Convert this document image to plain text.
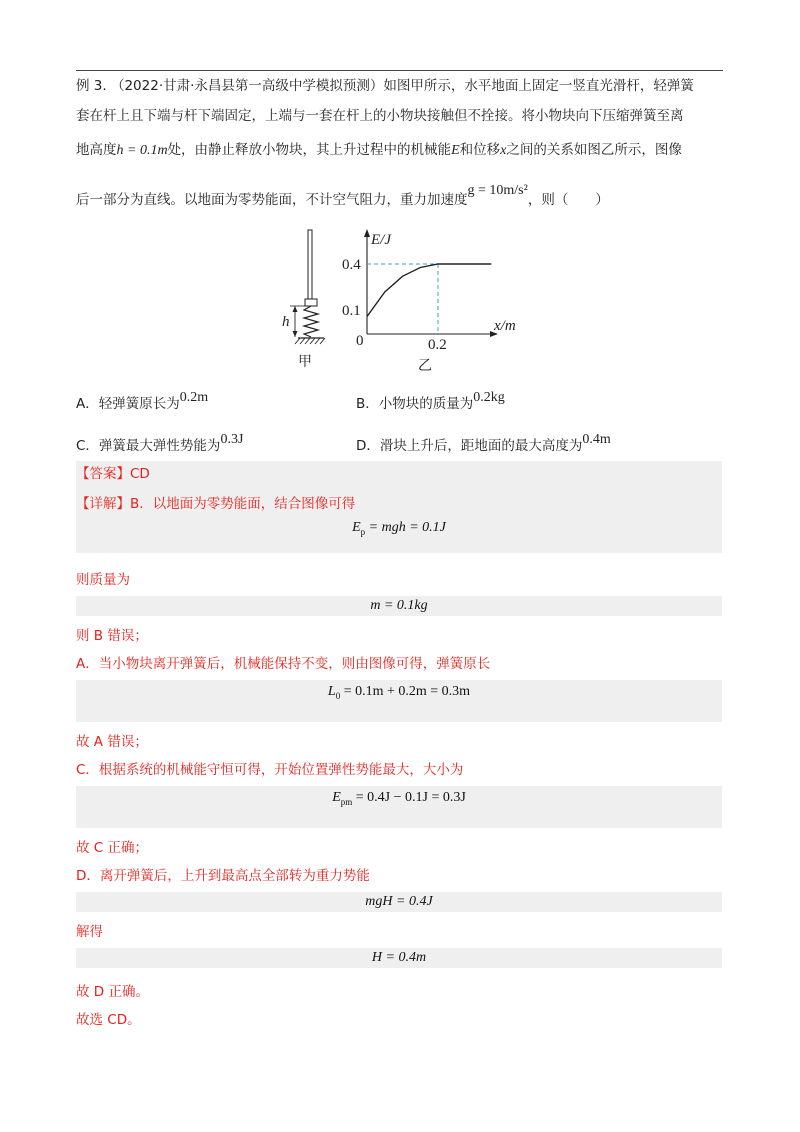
例 3. （2022·甘肃·永昌县第一高级中学模拟预测）如图甲所示，水平地面上固定一竖直光滑杆，轻弹簧
套在杆上且下端与杆下端固定，上端与一套在杆上的小物块接触但不拴接。将小物块向下压缩弹簧至离
地高度h = 0.1m处，由静止释放小物块，其上升过程中的机械能E和位移x之间的关系如图乙所示，图像
后一部分为直线。以地面为零势能面，不计空气阻力，重力加速度g = 10m/s²，则（　　）
h
甲
E/J
x/m
0
0.4
0.1
0.2
乙
A．轻弹簧原长为0.2m	B．小物块的质量为0.2kg
C．弹簧最大弹性势能为0.3J	D．滑块上升后，距地面的最大高度为0.4m
【答案】CD
【详解】B．以地面为零势能面，结合图像可得
$E_p$ = mgh = 0.1J
则质量为
m = 0.1kg
则 B 错误；
A．当小物块离开弹簧后，机械能保持不变，则由图像可得，弹簧原长
$L_0 = 0.1m + 0.2m = 0.3m$
故 A 错误；
C．根据系统的机械能守恒可得，开始位置弹性势能最大，大小为
$E_{pm} = 0.4J - 0.1J = 0.3J$
故 C 正确；
D．离开弹簧后，上升到最高点全部转为重力势能
mgH = 0.4J
解得
H = 0.4m
故 D 正确。
故选 CD。
